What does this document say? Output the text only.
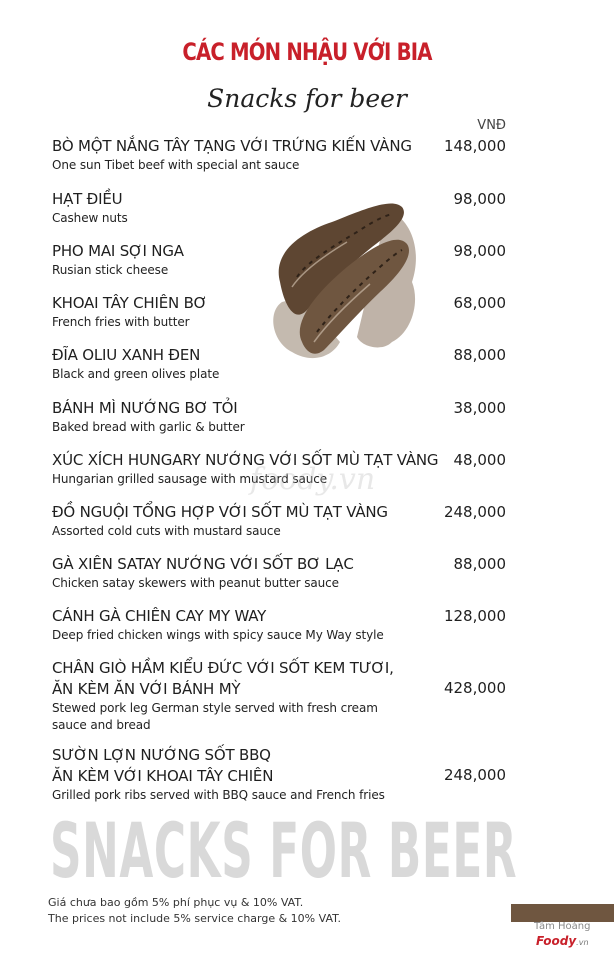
CÁC MÓN NHẬU VỚI BIA
Snacks for beer
VNĐ
BÒ MỘT NẮNG TÂY TẠNG VỚI TRỨNG KIẾN VÀNG
One sun Tibet beef with special ant sauce
148,000
HẠT ĐIỀU
Cashew nuts
98,000
PHO MAI SỢI NGA
Rusian stick cheese
98,000
KHOAI TÂY CHIÊN BƠ
French fries with butter
68,000
ĐĨA OLIU XANH ĐEN
Black and green olives plate
88,000
BÁNH MÌ NƯỚNG BƠ TỎI
Baked bread with garlic & butter
38,000
XÚC XÍCH HUNGARY NƯỚNG VỚI SỐT MÙ TẠT VÀNG
Hungarian grilled sausage with mustard sauce
48,000
foody.vn
ĐỒ NGUỘI TỔNG HỢP VỚI SỐT MÙ TẠT VÀNG
Assorted cold cuts with mustard sauce
248,000
GÀ XIÊN SATAY NƯỚNG VỚI SỐT BƠ LẠC
Chicken satay skewers with peanut butter sauce
88,000
CÁNH GÀ CHIÊN CAY MY WAY
Deep fried chicken wings with spicy sauce My Way style
128,000
CHÂN GIÒ HẦM KIỂU ĐỨC VỚI SỐT KEM TƯƠI,
ĂN KÈM ĂN VỚI BÁNH MỲ
Stewed pork leg German style served with fresh cream
sauce and bread
428,000
SƯỜN LỢN NƯỚNG SỐT BBQ
ĂN KÈM VỚI KHOAI TÂY CHIÊN
Grilled pork ribs served with BBQ sauce and French fries
248,000
SNACKS FOR BEER
Giá chưa bao gồm 5% phí phục vụ & 10% VAT.
The prices not include 5% service charge & 10% VAT.
Tâm Hoàng
Foody.vn
